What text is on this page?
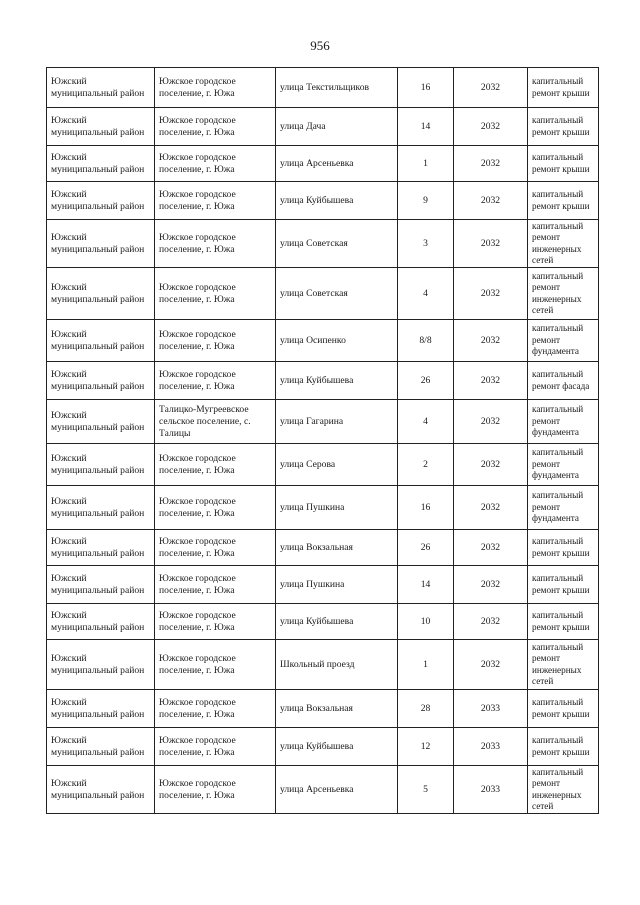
956
Южский муниципальный район	Южское городское поселение, г. Южа	улица Текстильщиков	16	2032	капитальный ремонт крыши
Южский муниципальный район	Южское городское поселение, г. Южа	улица Дача	14	2032	капитальный ремонт крыши
Южский муниципальный район	Южское городское поселение, г. Южа	улица Арсеньевка	1	2032	капитальный ремонт крыши
Южский муниципальный район	Южское городское поселение, г. Южа	улица Куйбышева	9	2032	капитальный ремонт крыши
Южский муниципальный район	Южское городское поселение, г. Южа	улица Советская	3	2032	капитальный ремонт инженерных сетей
Южский муниципальный район	Южское городское поселение, г. Южа	улица Советская	4	2032	капитальный ремонт инженерных сетей
Южский муниципальный район	Южское городское поселение, г. Южа	улица Осипенко	8/8	2032	капитальный ремонт фундамента
Южский муниципальный район	Южское городское поселение, г. Южа	улица Куйбышева	26	2032	капитальный ремонт фасада
Южский муниципальный район	Талицко-Мугреевское сельское поселение, с. Талицы	улица Гагарина	4	2032	капитальный ремонт фундамента
Южский муниципальный район	Южское городское поселение, г. Южа	улица Серова	2	2032	капитальный ремонт фундамента
Южский муниципальный район	Южское городское поселение, г. Южа	улица Пушкина	16	2032	капитальный ремонт фундамента
Южский муниципальный район	Южское городское поселение, г. Южа	улица Вокзальная	26	2032	капитальный ремонт крыши
Южский муниципальный район	Южское городское поселение, г. Южа	улица Пушкина	14	2032	капитальный ремонт крыши
Южский муниципальный район	Южское городское поселение, г. Южа	улица Куйбышева	10	2032	капитальный ремонт крыши
Южский муниципальный район	Южское городское поселение, г. Южа	Школьный проезд	1	2032	капитальный ремонт инженерных сетей
Южский муниципальный район	Южское городское поселение, г. Южа	улица Вокзальная	28	2033	капитальный ремонт крыши
Южский муниципальный район	Южское городское поселение, г. Южа	улица Куйбышева	12	2033	капитальный ремонт крыши
Южский муниципальный район	Южское городское поселение, г. Южа	улица Арсеньевка	5	2033	капитальный ремонт инженерных сетей
